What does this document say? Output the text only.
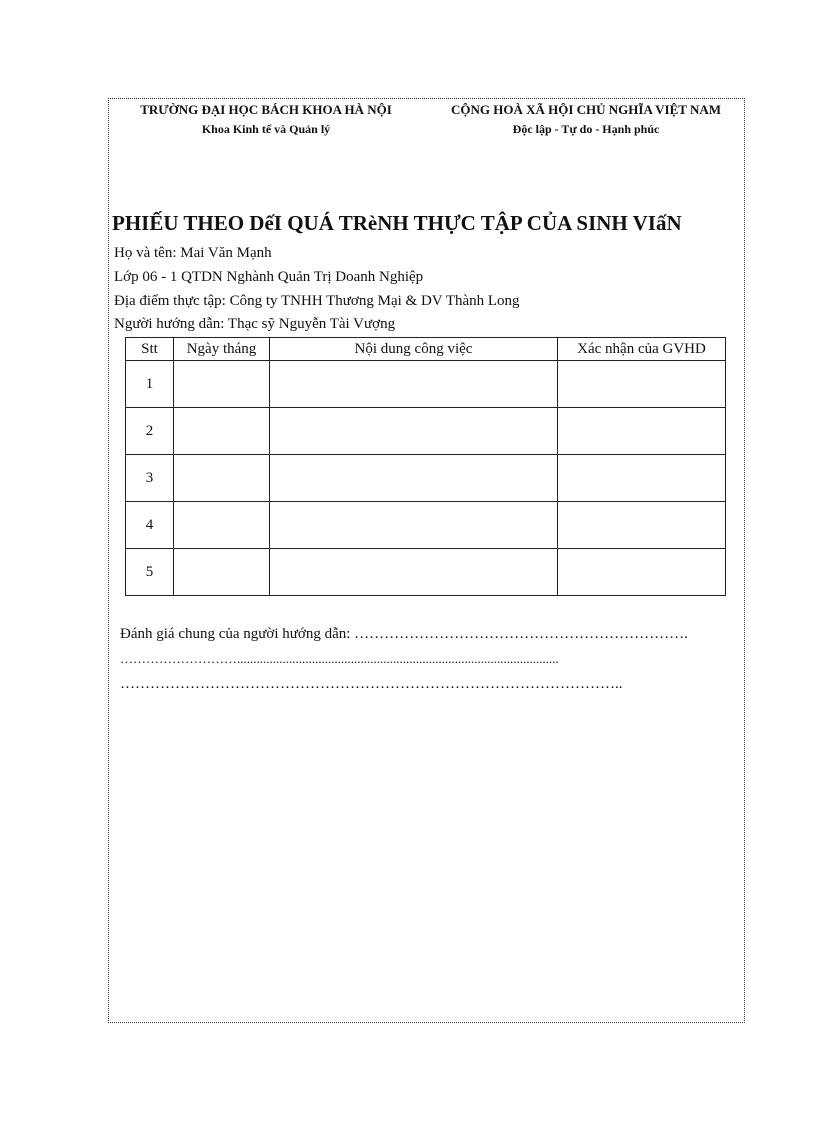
TRƯỜNG ĐẠI HỌC BÁCH KHOA HÀ NỘI
Khoa Kinh tế và Quản lý
CỘNG HOÀ XÃ HỘI CHỦ NGHĨA VIỆT NAM
Độc lập - Tự do - Hạnh phúc
PHIẾU THEO DếI QUÁ TRèNH THỰC TẬP CỦA SINH VIấN
Họ và tên: Mai Văn Mạnh
Lớp 06 - 1 QTDN Nghành Quản Trị Doanh Nghiệp
Địa điểm thực tập: Công ty TNHH Thương Mại & DV Thành Long
Người hướng dẫn: Thạc sỹ Nguyễn Tài Vượng
Stt	Ngày tháng	Nội dung công việc	Xác nhận của GVHD
1			
2			
3			
4			
5			
Đánh giá chung của người hướng dẫn: ………………………………………………………….
………………………...................................................................................................
………………………………………………………………………………………..
